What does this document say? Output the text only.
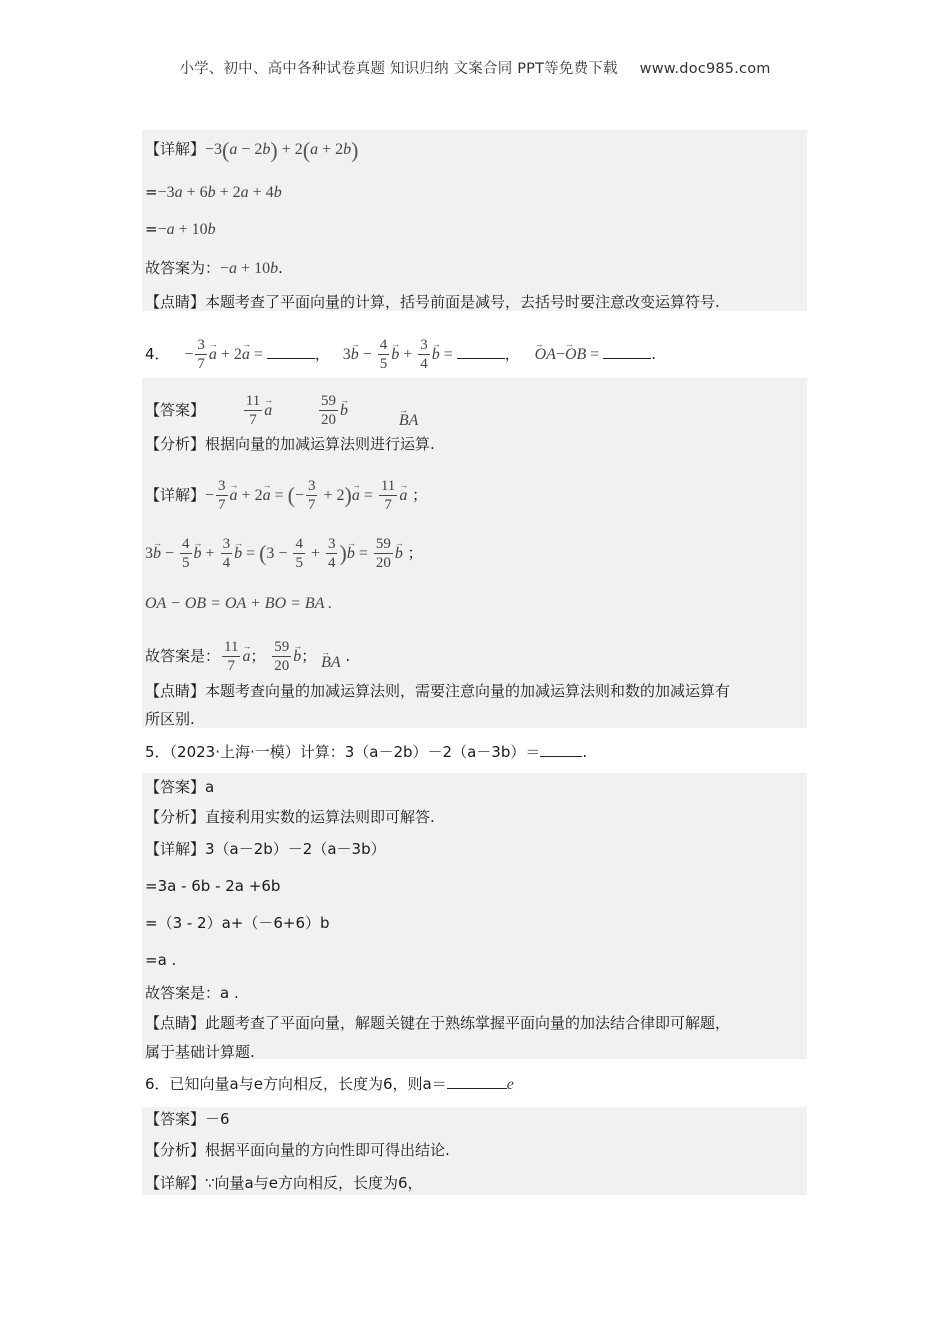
小学、初中、高中各种试卷真题 知识归纳 文案合同 PPT等免费下载 www.doc985.com
【详解】−3(a − 2b) + 2(a + 2b)
=−3a + 6b + 2a + 4b
=−a + 10b
故答案为：−a + 10b.
【点睛】本题考查了平面向量的计算，括号前面是减号，去括号时要注意改变运算符号.
4． − $\frac{3}{7}$
→ a + 2→ a =	， $3\to b - \frac{4}{5}$
→ $b + \frac{3}{4}$
→ b =	， → OA−→ OB =	.
【答案】	$\frac{11}{7}$
→ a	$\frac{59}{20}$
→ b → BA
【分析】根据向量的加减运算法则进行运算.
【详解】− $\frac{3}{7}$
→ a + 2→ a = (− $\frac{3}{7} + 2)\to a = \frac{11}{7}$
→ a ；
$3\to b - \frac{4}{5}$
→ $b + \frac{3}{4}$
→ $b = (3 - \frac{4}{5} + \frac{3}{4}$ )→ $b = \frac{59}{20}$
→ b ；
OA − OB = OA + BO = BA .
故答案是： $\frac{11}{7}$
→ a； $\frac{59}{20}$
→ b； → BA .
【点睛】本题考查向量的加减运算法则，需要注意向量的加减运算法则和数的加减运算有
所区别.
5．（2023·上海·一模）计算：3（a－2b）－2（a－3b）＝	.
【答案】a
【分析】直接利用实数的运算法则即可解答.
【详解】3（a－2b）－2（a－3b）
=3a - 6b - 2a +6b
=（3 - 2）a+（－6+6）b
=a .
故答案是：a .
【点睛】此题考查了平面向量，解题关键在于熟练掌握平面向量的加法结合律即可解题，
属于基础计算题.
6．已知向量a与e方向相反，长度为6，则a＝	e
【答案】－6
【分析】根据平面向量的方向性即可得出结论.
【详解】∵向量a与e方向相反，长度为6，
